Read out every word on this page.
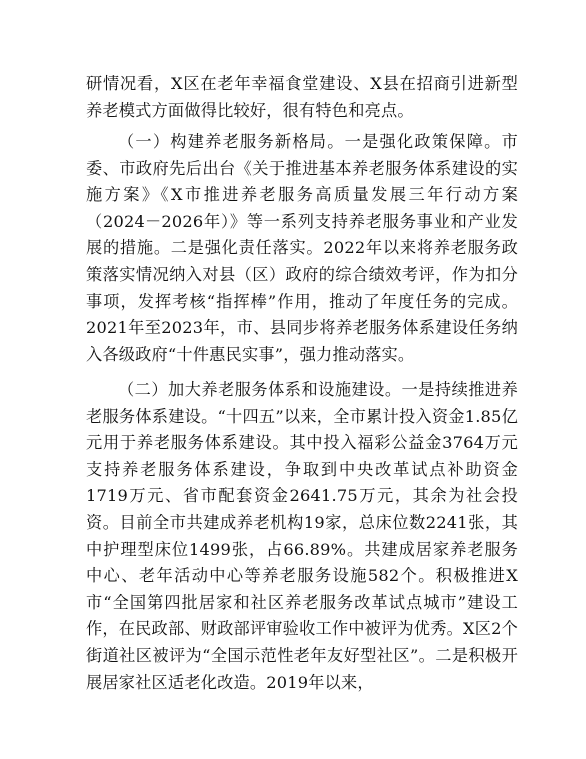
研情况看，X区在老年幸福食堂建设、X县在招商引进新型养老模式方面做得比较好，很有特色和亮点。

（一）构建养老服务新格局。一是强化政策保障。市委、市政府先后出台《关于推进基本养老服务体系建设的实施方案》《X市推进养老服务高质量发展三年行动方案（2024－2026年）》等一系列支持养老服务事业和产业发展的措施。二是强化责任落实。2022年以来将养老服务政策落实情况纳入对县（区）政府的综合绩效考评，作为扣分事项，发挥考核“指挥棒”作用，推动了年度任务的完成。2021年至2023年，市、县同步将养老服务体系建设任务纳入各级政府“十件惠民实事”，强力推动落实。

（二）加大养老服务体系和设施建设。一是持续推进养老服务体系建设。“十四五”以来，全市累计投入资金1.85亿元用于养老服务体系建设。其中投入福彩公益金3764万元支持养老服务体系建设，争取到中央改革试点补助资金1719万元、省市配套资金2641.75万元，其余为社会投资。目前全市共建成养老机构19家，总床位数2241张，其中护理型床位1499张，占66.89%。共建成居家养老服务中心、老年活动中心等养老服务设施582个。积极推进X市“全国第四批居家和社区养老服务改革试点城市”建设工作，在民政部、财政部评审验收工作中被评为优秀。X区2个街道社区被评为“全国示范性老年友好型社区”。二是积极开展居家社区适老化改造。2019年以来，
